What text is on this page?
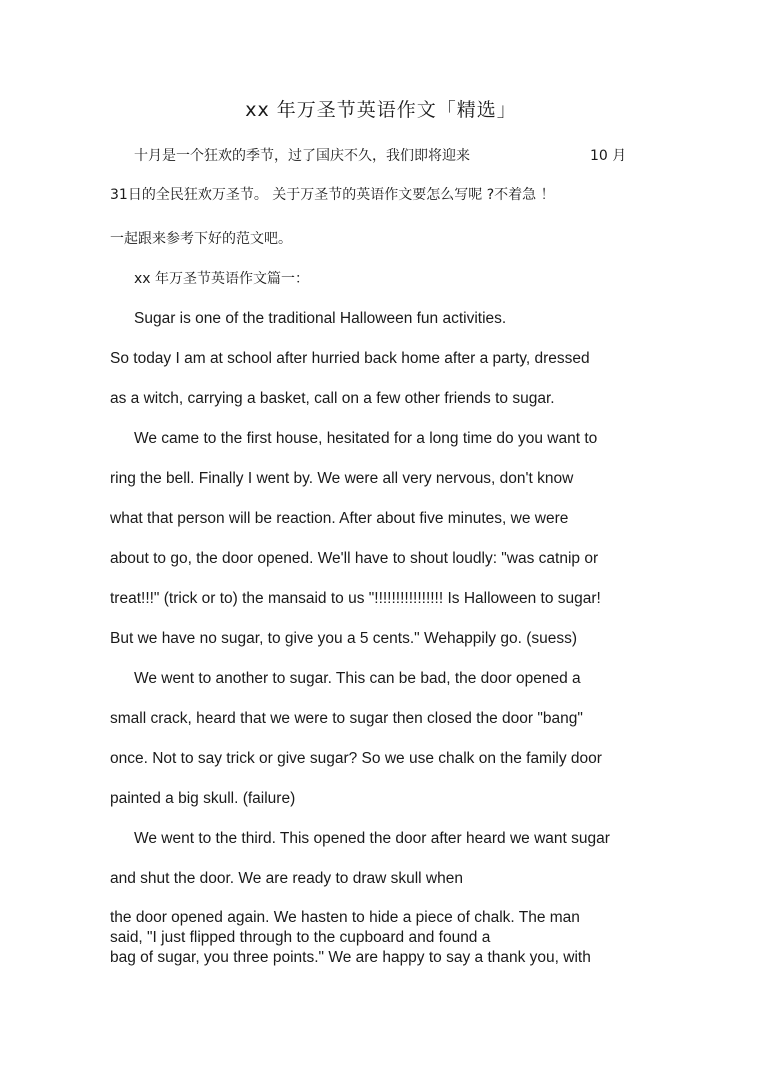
xx 年万圣节英语作文「精选」
十月是一个狂欢的季节，过了国庆不久，我们即将迎来	10 月
31日的全民狂欢万圣节。 关于万圣节的英语作文要怎么写呢 ?不着急 ！
一起跟来参考下好的范文吧。
xx 年万圣节英语作文篇一：
Sugar is one of the traditional Halloween fun activities.
So today I am at school after hurried back home after a party, dressed
as a witch, carrying a basket, call on a few other friends to sugar.
We came to the first house, hesitated for a long time do you want to
ring the bell. Finally I went by. We were all very nervous, don't know
what that person will be reaction. After about five minutes, we were
about to go, the door opened. We'll have to shout loudly: "was catnip or
treat!!!" (trick or to) the mansaid to us "!!!!!!!!!!!!!!!! Is Halloween to sugar!
But we have no sugar, to give you a 5 cents." Wehappily go. (suess)
We went to another to sugar. This can be bad, the door opened a
small crack, heard that we were to sugar then closed the door "bang"
once. Not to say trick or give sugar? So we use chalk on the family door
painted a big skull. (failure)
We went to the third. This opened the door after heard we want sugar
and shut the door. We are ready to draw skull when
the door opened again. We hasten to hide a piece of chalk. The man
said, "I just flipped through to the cupboard and found a
bag of sugar, you three points." We are happy to say a thank you, with
